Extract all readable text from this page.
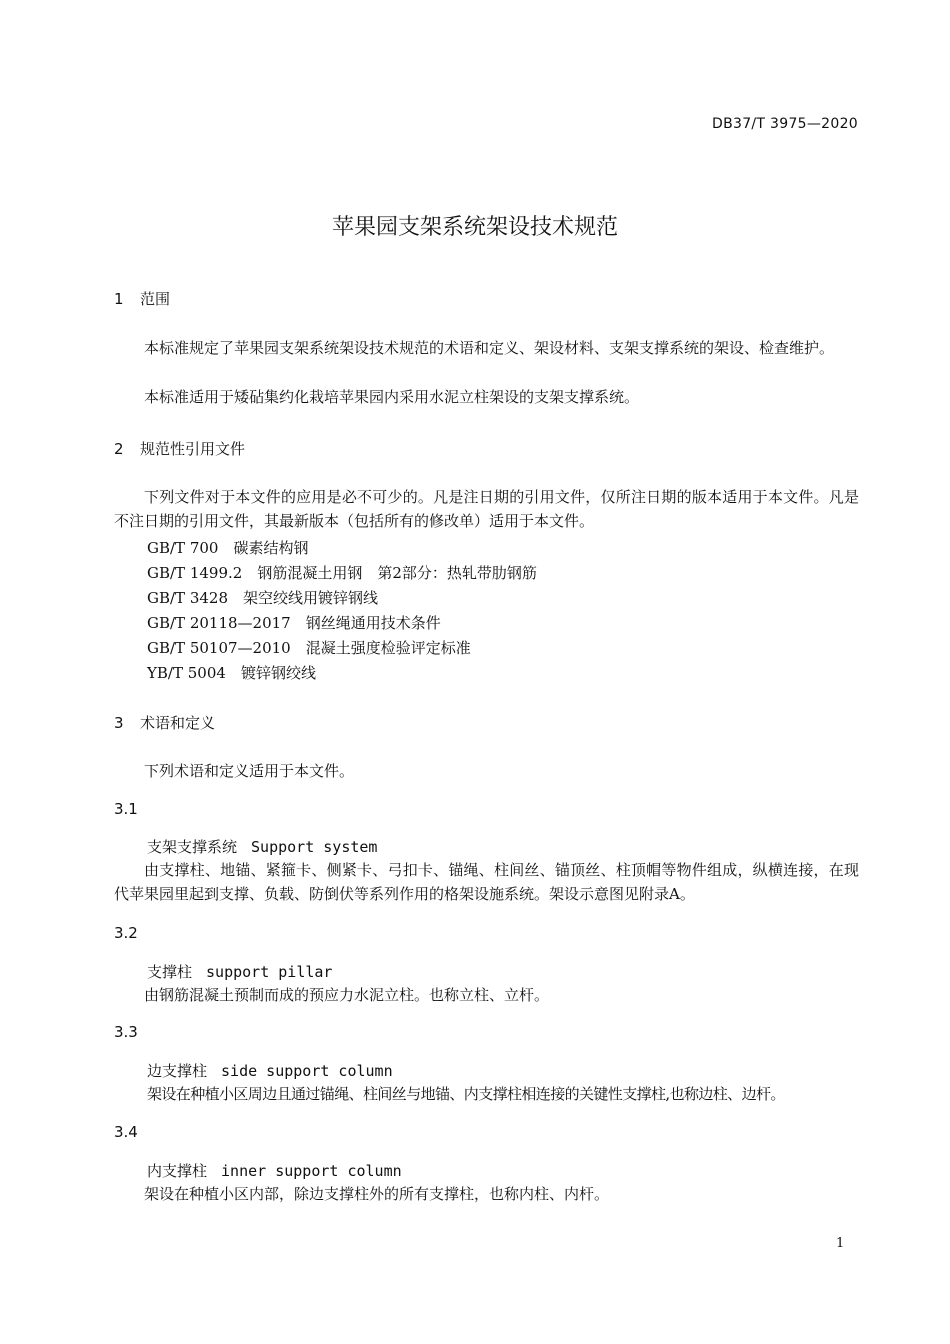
DB37/T 3975—2020
苹果园支架系统架设技术规范
1 范围
本标准规定了苹果园支架系统架设技术规范的术语和定义、架设材料、支架支撑系统的架设、检查维护。
本标准适用于矮砧集约化栽培苹果园内采用水泥立柱架设的支架支撑系统。
2 规范性引用文件
下列文件对于本文件的应用是必不可少的。凡是注日期的引用文件，仅所注日期的版本适用于本文件。凡是不注日期的引用文件，其最新版本（包括所有的修改单）适用于本文件。
GB/T 700　 碳素结构钢
GB/T 1499.2　 钢筋混凝土用钢　第2部分：热轧带肋钢筋
GB/T 3428　 架空绞线用镀锌钢线
GB/T 20118—2017　 钢丝绳通用技术条件
GB/T 50107—2010　 混凝土强度检验评定标准
YB/T 5004　 镀锌钢绞线
3 术语和定义
下列术语和定义适用于本文件。
3.1
支架支撑系统 Support system
由支撑柱、地锚、紧箍卡、侧紧卡、弓扣卡、锚绳、柱间丝、锚顶丝、柱顶帽等物件组成，纵横连接，在现代苹果园里起到支撑、负载、防倒伏等系列作用的格架设施系统。架设示意图见附录A。
3.2
支撑柱 support pillar
由钢筋混凝土预制而成的预应力水泥立柱。也称立柱、立杆。
3.3
边支撑柱 side support column
架设在种植小区周边且通过锚绳、柱间丝与地锚、内支撑柱相连接的关键性支撑柱,也称边柱、边杆。
3.4
内支撑柱 inner support column
架设在种植小区内部，除边支撑柱外的所有支撑柱，也称内柱、内杆。
1
